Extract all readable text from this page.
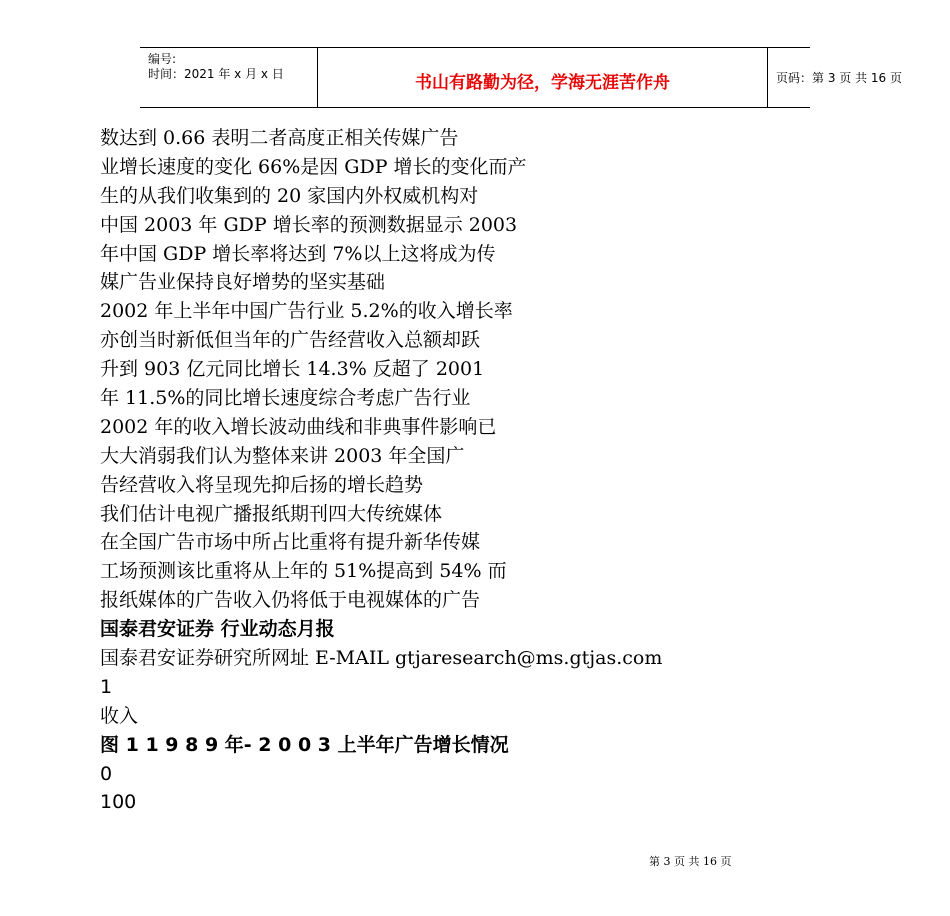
编号:
时间：2021 年 x 月 x 日	书山有路勤为径，学海无涯苦作舟	页码：第 3 页 共 16 页
数达到 0.66 表明二者高度正相关传媒广告
业增长速度的变化 66%是因 GDP 增长的变化而产
生的从我们收集到的 20 家国内外权威机构对
中国 2003 年 GDP 增长率的预测数据显示 2003
年中国 GDP 增长率将达到 7%以上这将成为传
媒广告业保持良好增势的坚实基础
2002 年上半年中国广告行业 5.2%的收入增长率
亦创当时新低但当年的广告经营收入总额却跃
升到 903 亿元同比增长 14.3% 反超了 2001
年 11.5%的同比增长速度综合考虑广告行业
2002 年的收入增长波动曲线和非典事件影响已
大大消弱我们认为整体来讲 2003 年全国广
告经营收入将呈现先抑后扬的增长趋势
我们估计电视广播报纸期刊四大传统媒体
在全国广告市场中所占比重将有提升新华传媒
工场预测该比重将从上年的 51%提高到 54% 而
报纸媒体的广告收入仍将低于电视媒体的广告
国泰君安证券 行业动态月报
国泰君安证券研究所网址 E-MAIL gtjaresearch@ms.gtjas.com
1
收入
图 1 1 9 8 9 年- 2 0 0 3 上半年广告增长情况
0
100
第 3 页 共 16 页
